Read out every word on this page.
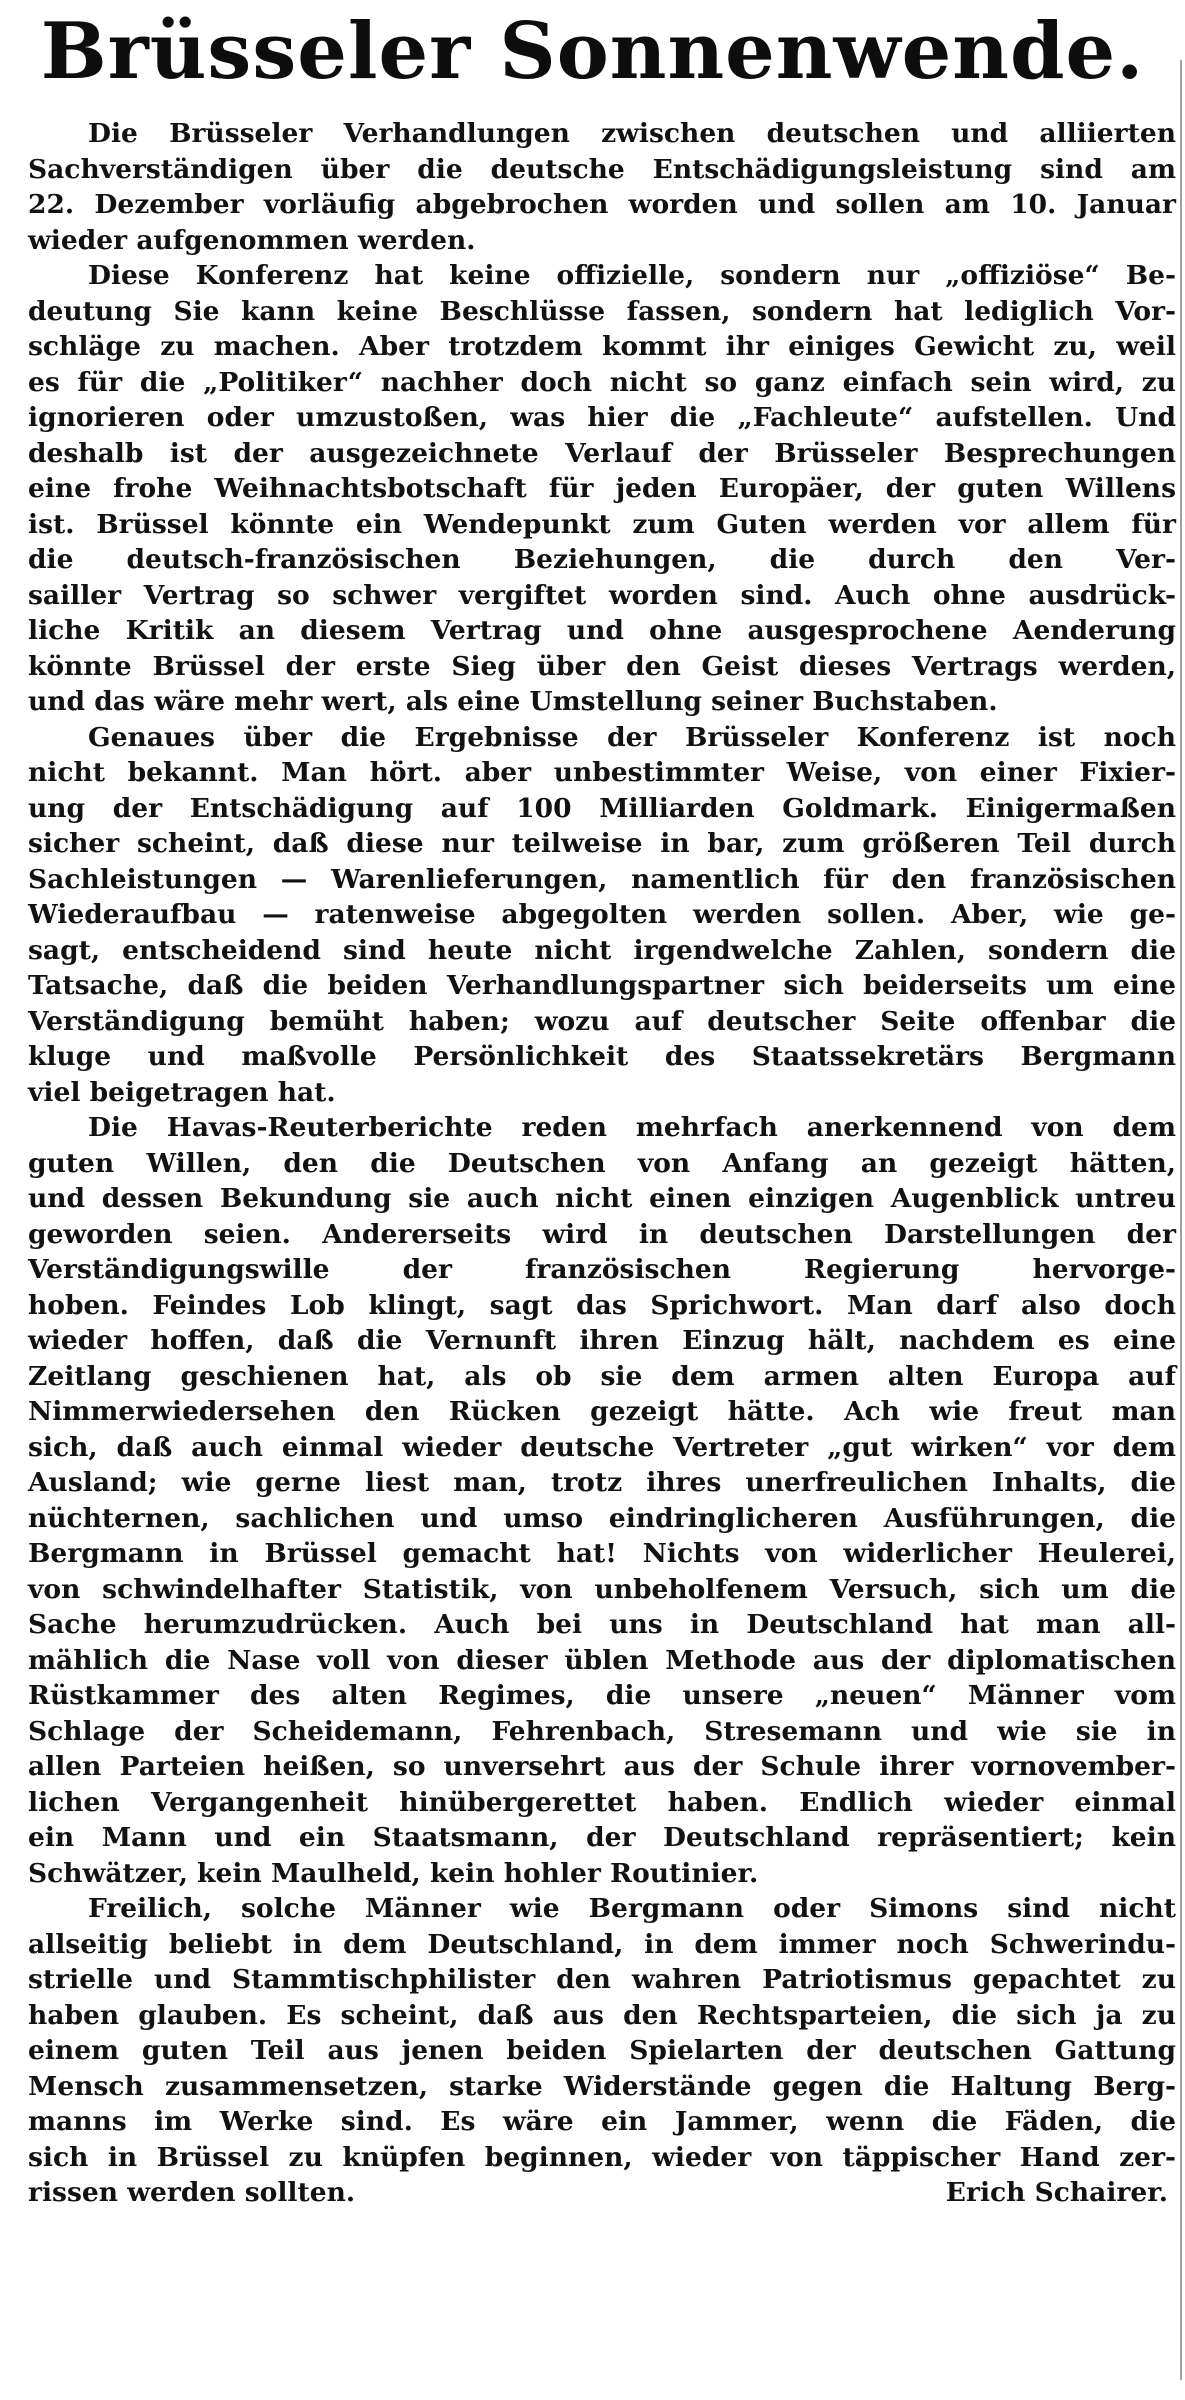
Brüsseler Sonnenwende.
Die Brüsseler Verhandlungen zwischen deutschen und alliierten
Sachverständigen über die deutsche Entschädigungsleistung sind am
22. Dezember vorläufig abgebrochen worden und sollen am 10. Januar
wieder aufgenommen werden.
Diese Konferenz hat keine offizielle, sondern nur „offiziöse“ Be-
deutung Sie kann keine Beschlüsse fassen, sondern hat lediglich Vor-
schläge zu machen. Aber trotzdem kommt ihr einiges Gewicht zu, weil
es für die „Politiker“ nachher doch nicht so ganz einfach sein wird, zu
ignorieren oder umzustoßen, was hier die „Fachleute“ aufstellen. Und
deshalb ist der ausgezeichnete Verlauf der Brüsseler Besprechungen
eine frohe Weihnachtsbotschaft für jeden Europäer, der guten Willens
ist. Brüssel könnte ein Wendepunkt zum Guten werden vor allem für
die deutsch-französischen Beziehungen, die durch den Ver-
sailler Vertrag so schwer vergiftet worden sind. Auch ohne ausdrück-
liche Kritik an diesem Vertrag und ohne ausgesprochene Aenderung
könnte Brüssel der erste Sieg über den Geist dieses Vertrags werden,
und das wäre mehr wert, als eine Umstellung seiner Buchstaben.
Genaues über die Ergebnisse der Brüsseler Konferenz ist noch
nicht bekannt. Man hört. aber unbestimmter Weise, von einer Fixier-
ung der Entschädigung auf 100 Milliarden Goldmark. Einigermaßen
sicher scheint, daß diese nur teilweise in bar, zum größeren Teil durch
Sachleistungen — Warenlieferungen, namentlich für den französischen
Wiederaufbau — ratenweise abgegolten werden sollen. Aber, wie ge-
sagt, entscheidend sind heute nicht irgendwelche Zahlen, sondern die
Tatsache, daß die beiden Verhandlungspartner sich beiderseits um eine
Verständigung bemüht haben; wozu auf deutscher Seite offenbar die
kluge und maßvolle Persönlichkeit des Staatssekretärs Bergmann
viel beigetragen hat.
Die Havas-Reuterberichte reden mehrfach anerkennend von dem
guten Willen, den die Deutschen von Anfang an gezeigt hätten,
und dessen Bekundung sie auch nicht einen einzigen Augenblick untreu
geworden seien. Andererseits wird in deutschen Darstellungen der
Verständigungswille der französischen Regierung hervorge-
hoben. Feindes Lob klingt, sagt das Sprichwort. Man darf also doch
wieder hoffen, daß die Vernunft ihren Einzug hält, nachdem es eine
Zeitlang geschienen hat, als ob sie dem armen alten Europa auf
Nimmerwiedersehen den Rücken gezeigt hätte. Ach wie freut man
sich, daß auch einmal wieder deutsche Vertreter „gut wirken“ vor dem
Ausland; wie gerne liest man, trotz ihres unerfreulichen Inhalts, die
nüchternen, sachlichen und umso eindringlicheren Ausführungen, die
Bergmann in Brüssel gemacht hat! Nichts von widerlicher Heulerei,
von schwindelhafter Statistik, von unbeholfenem Versuch, sich um die
Sache herumzudrücken. Auch bei uns in Deutschland hat man all-
mählich die Nase voll von dieser üblen Methode aus der diplomatischen
Rüstkammer des alten Regimes, die unsere „neuen“ Männer vom
Schlage der Scheidemann, Fehrenbach, Stresemann und wie sie in
allen Parteien heißen, so unversehrt aus der Schule ihrer vornovember-
lichen Vergangenheit hinübergerettet haben. Endlich wieder einmal
ein Mann und ein Staatsmann, der Deutschland repräsentiert; kein
Schwätzer, kein Maulheld, kein hohler Routinier.
Freilich, solche Männer wie Bergmann oder Simons sind nicht
allseitig beliebt in dem Deutschland, in dem immer noch Schwerindu-
strielle und Stammtischphilister den wahren Patriotismus gepachtet zu
haben glauben. Es scheint, daß aus den Rechtsparteien, die sich ja zu
einem guten Teil aus jenen beiden Spielarten der deutschen Gattung
Mensch zusammensetzen, starke Widerstände gegen die Haltung Berg-
manns im Werke sind. Es wäre ein Jammer, wenn die Fäden, die
sich in Brüssel zu knüpfen beginnen, wieder von täppischer Hand zer-
rissen werden sollten.	Erich Schairer.
